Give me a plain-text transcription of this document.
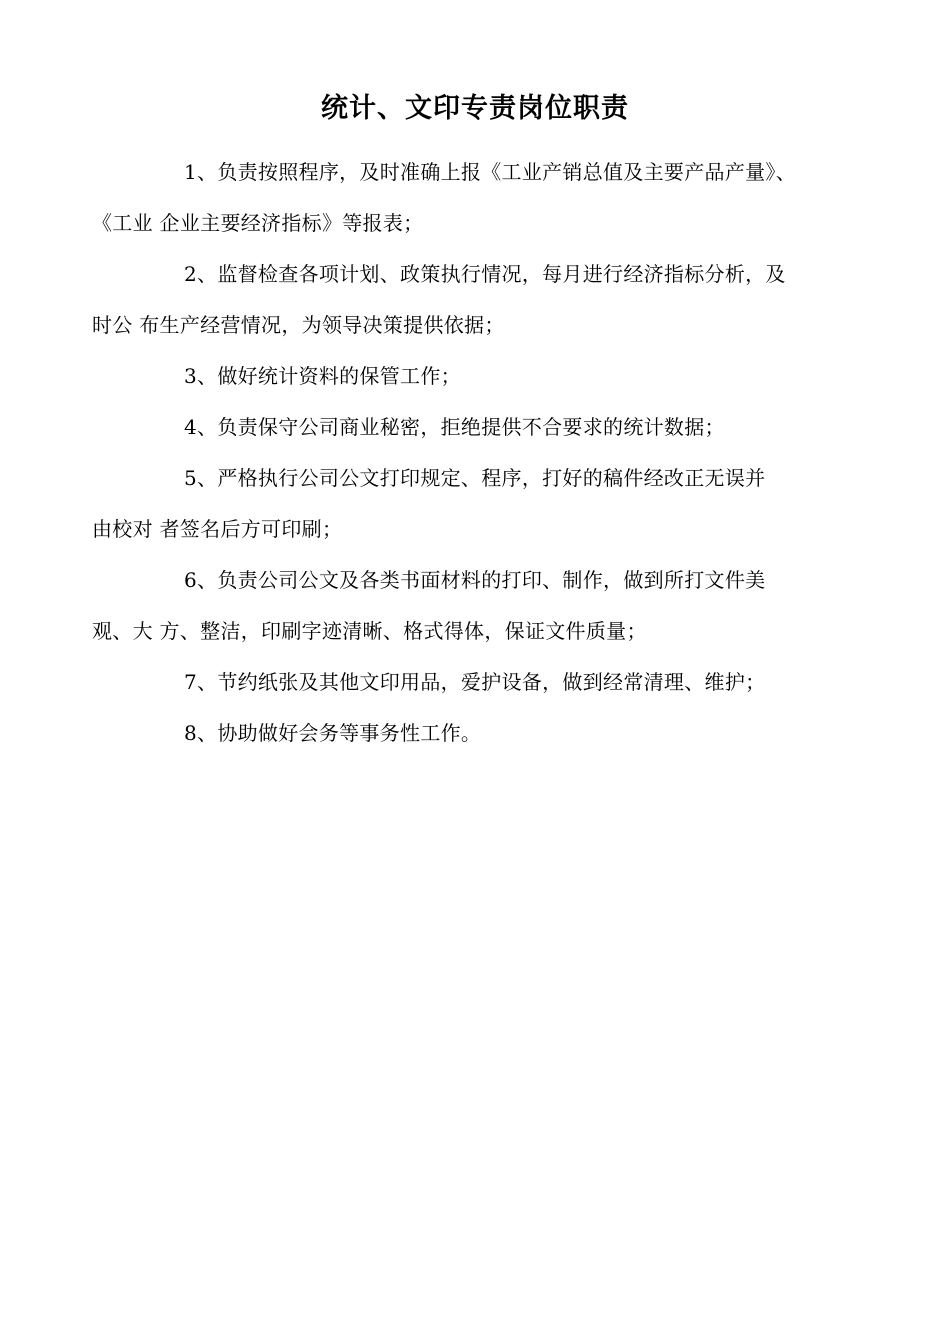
统计、文印专责岗位职责

1、负责按照程序，及时准确上报《工业产销总值及主要产品产量》、
《工业 企业主要经济指标》等报表；

2、监督检查各项计划、政策执行情况，每月进行经济指标分析，及
时公 布生产经营情况，为领导决策提供依据；

3、做好统计资料的保管工作；

4、负责保守公司商业秘密，拒绝提供不合要求的统计数据；

5、严格执行公司公文打印规定、程序，打好的稿件经改正无误并
由校对 者签名后方可印刷；

6、负责公司公文及各类书面材料的打印、制作，做到所打文件美
观、大 方、整洁，印刷字迹清晰、格式得体，保证文件质量；

7、节约纸张及其他文印用品，爱护设备，做到经常清理、维护；

8、协助做好会务等事务性工作。
